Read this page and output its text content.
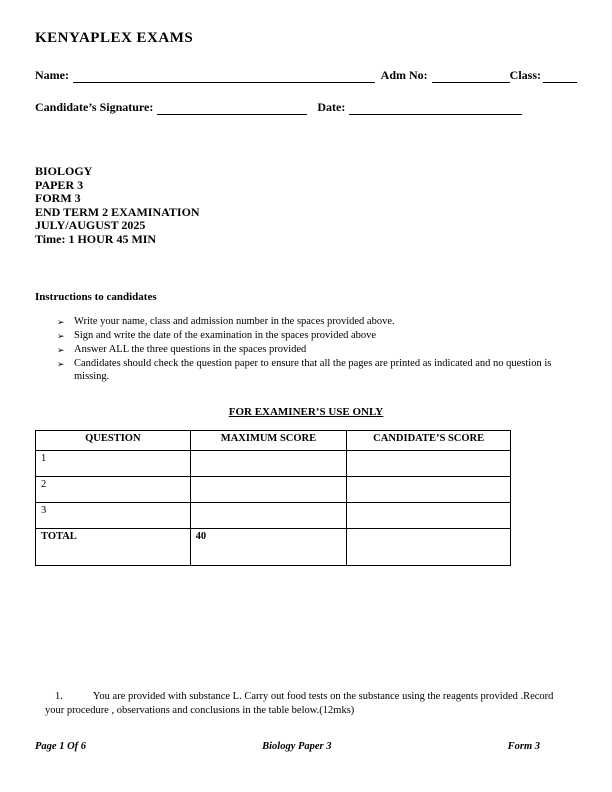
KENYAPLEX EXAMS
Name:	Adm No:	Class:
Candidate’s Signature:	Date:
BIOLOGY
PAPER 3
FORM 3
END TERM 2 EXAMINATION
JULY/AUGUST 2025
Time: 1 HOUR 45 MIN
Instructions to candidates
➢ Write your name, class and admission number in the spaces provided above.
➢ Sign and write the date of the examination in the spaces provided above
➢ Answer ALL the three questions in the spaces provided
➢ Candidates should check the question paper to ensure that all the pages are printed as indicated and no question is missing.
FOR EXAMINER’S USE ONLY
QUESTION	MAXIMUM SCORE	CANDIDATE’S SCORE
1		
2		
3		
TOTAL	40	
1.	You are provided with substance L. Carry out food tests on the substance using the reagents provided .Record your procedure , observations and conclusions in the table below.(12mks)
Page 1 Of 6	Biology Paper 3	Form 3
